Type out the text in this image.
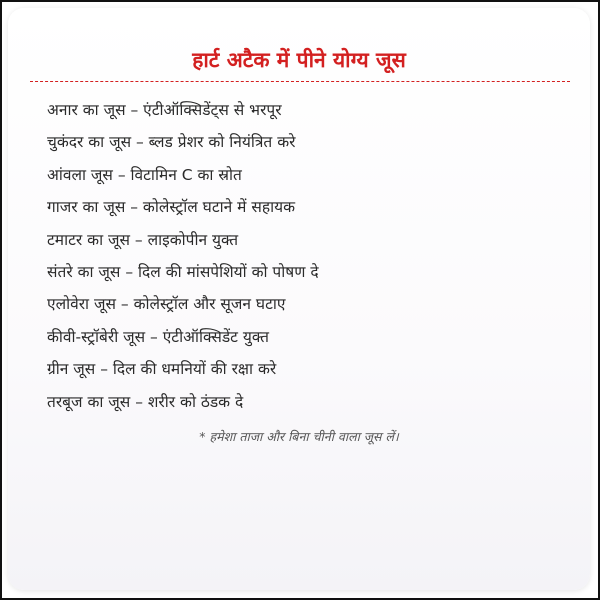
हार्ट अटैक में पीने योग्य जूस
अनार का जूस – एंटीऑक्सिडेंट्स से भरपूर
चुकंदर का जूस – ब्लड प्रेशर को नियंत्रित करे
आंवला जूस – विटामिन C का स्रोत
गाजर का जूस – कोलेस्ट्रॉल घटाने में सहायक
टमाटर का जूस – लाइकोपीन युक्त
संतरे का जूस – दिल की मांसपेशियों को पोषण दे
एलोवेरा जूस – कोलेस्ट्रॉल और सूजन घटाए
कीवी-स्ट्रॉबेरी जूस – एंटीऑक्सिडेंट युक्त
ग्रीन जूस – दिल की धमनियों की रक्षा करे
तरबूज का जूस – शरीर को ठंडक दे

* हमेशा ताजा और बिना चीनी वाला जूस लें।
